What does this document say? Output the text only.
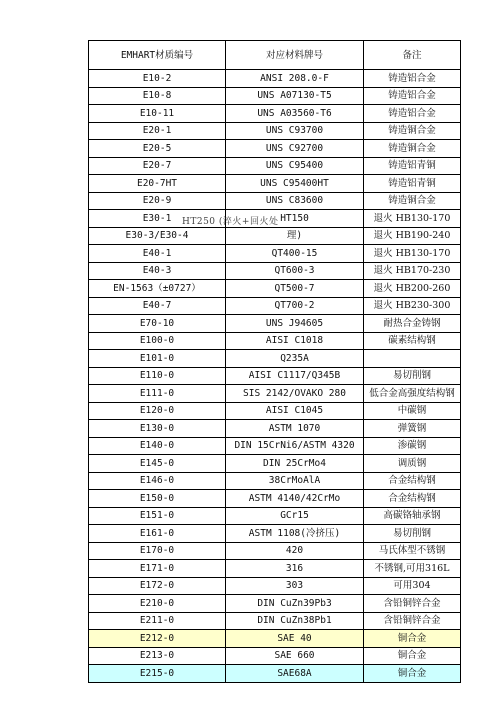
EMHART材质编号	对应材料牌号	备注
E10-2	ANSI 208.0-F	铸造铝合金
E10-8	UNS A07130-T5	铸造铝合金
E10-11	UNS A03560-T6	铸造铝合金
E20-1	UNS C93700	铸造铜合金
E20-5	UNS C92700	铸造铜合金
E20-7	UNS C95400	铸造铝青铜
E20-7HT	UNS C95400HT	铸造铝青铜
E20-9	UNS C83600	铸造铜合金
E30-1	HT150	退火 HB130-170
E30-3/E30-4	理)	退火 HB190-240
E40-1	QT400-15	退火 HB130-170
E40-3	QT600-3	退火 HB170-230
EN-1563（±0727）	QT500-7	退火 HB200-260
E40-7	QT700-2	退火 HB230-300
E70-10	UNS J94605	耐热合金铸钢
E100-0	AISI C1018	碳素结构钢
E101-0	Q235A	
E110-0	AISI C1117/Q345B	易切削钢
E111-0	SIS 2142/OVAKO 280	低合金高强度结构钢
E120-0	AISI C1045	中碳钢
E130-0	ASTM 1070	弹簧钢
E140-0	DIN 15CrNi6/ASTM 4320	渗碳钢
E145-0	DIN 25CrMo4	调质钢
E146-0	38CrMoAlA	合金结构钢
E150-0	ASTM 4140/42CrMo	合金结构钢
E151-0	GCr15	高碳铬轴承钢
E161-0	ASTM 1108(冷挤压)	易切削钢
E170-0	420	马氏体型不锈钢
E171-0	316	不锈钢,可用316L
E172-0	303	可用304
E210-0	DIN CuZn39Pb3	含铅铜锌合金
E211-0	DIN CuZn38Pb1	含铅铜锌合金
E212-0	SAE 40	铜合金
E213-0	SAE 660	铜合金
E215-0	SAE68A	铜合金
HT250 (淬火+回火处
